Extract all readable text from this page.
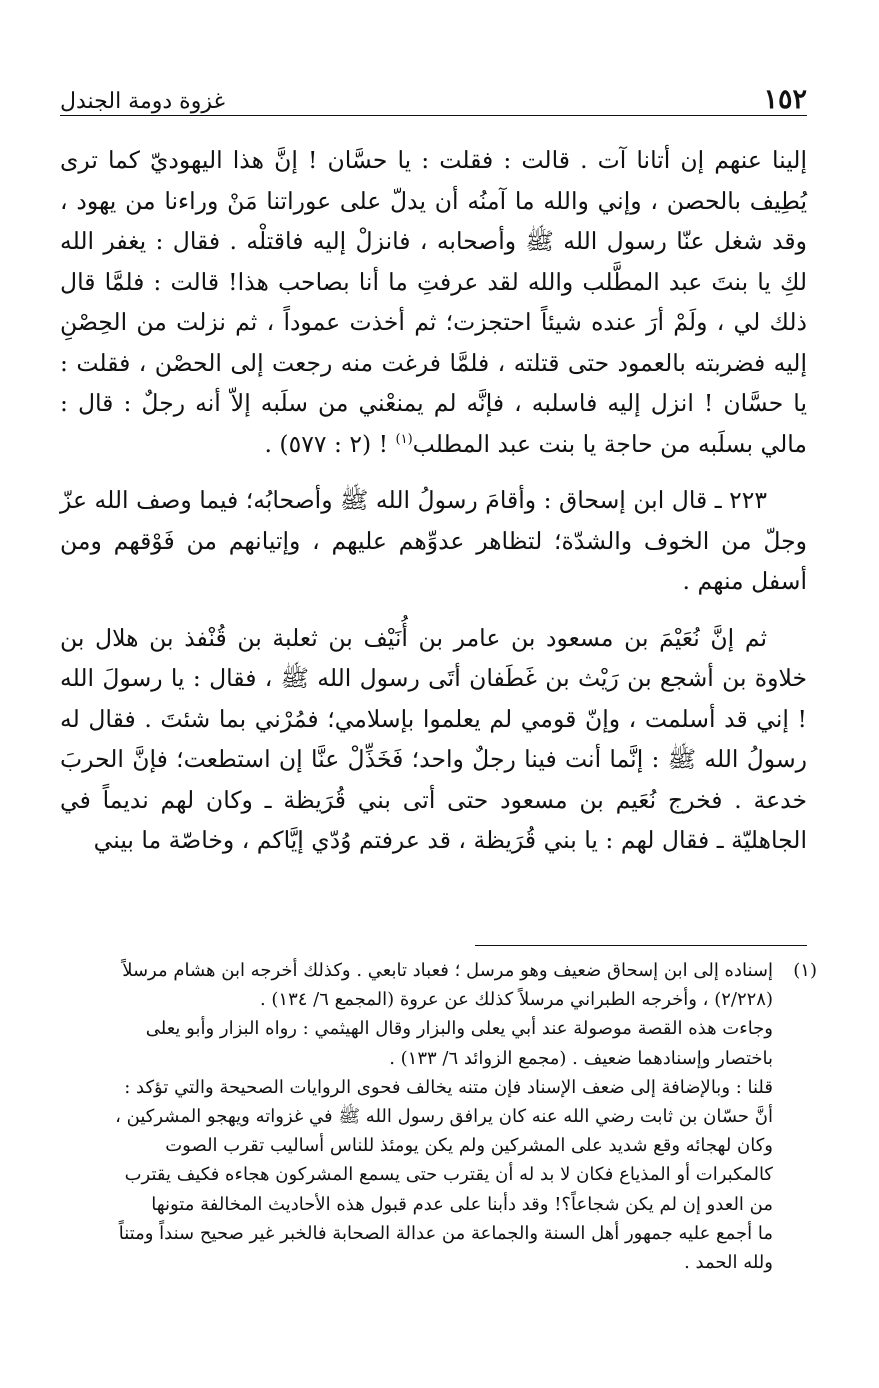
١٥٢
غزوة دومة الجندل

إلينا عنهم إن أتانا آت . قالت : فقلت : يا حسَّان ! إنَّ هذا اليهوديّ كما ترى يُطِيف بالحصن ، وإني والله ما آمنُه أن يدلّ على عوراتنا مَنْ وراءنا من يهود ، وقد شغل عنّا رسول الله ﷺ وأصحابه ، فانزلْ إليه فاقتلْه . فقال : يغفر الله لكِ يا بنتَ عبد المطَّلب والله لقد عرفتِ ما أنا بصاحب هذا! قالت : فلمَّا قال ذلك لي ، ولَمْ أرَ عنده شيئاً احتجزت؛ ثم أخذت عموداً ، ثم نزلت من الحِصْنِ إليه فضربته بالعمود حتى قتلته ، فلمَّا فرغت منه رجعت إلى الحصْن ، فقلت : يا حسَّان ! انزل إليه فاسلبه ، فإنَّه لم يمنعْني من سلَبه إلاّ أنه رجلٌ : قال : مالي بسلَبه من حاجة يا بنت عبد المطلب$^{(١)}$ ! (٢ : ٥٧٧) .

٢٢٣ ـ قال ابن إسحاق : وأقامَ رسولُ الله ﷺ وأصحابُه؛ فيما وصف الله عزّ وجلّ من الخوف والشدّة؛ لتظاهر عدوِّهم عليهم ، وإتيانهم من فَوْقهم ومن أسفل منهم .

ثم إنَّ نُعَيْمَ بن مسعود بن عامر بن أُنَيْف بن ثعلبة بن قُنْفذ بن هلال بن خلاوة بن أشجع بن رَيْث بن غَطَفان أتَى رسول الله ﷺ ، فقال : يا رسولَ الله ! إني قد أسلمت ، وإنّ قومي لم يعلموا بإسلامي؛ فمُرْني بما شئتَ . فقال له رسولُ الله ﷺ : إنَّما أنت فينا رجلٌ واحد؛ فَخَذِّلْ عنَّا إن استطعت؛ فإنَّ الحربَ خدعة . فخرج نُعَيم بن مسعود حتى أتى بني قُرَيظة ـ وكان لهم نديماً في الجاهليّة ـ فقال لهم : يا بني قُرَيظة ، قد عرفتم وُدّي إيَّاكم ، وخاصّة ما بيني

(١)

إسناده إلى ابن إسحاق ضعيف وهو مرسل ؛ فعباد تابعي . وكذلك أخرجه ابن هشام مرسلاً

(٢/٢٢٨) ، وأخرجه الطبراني مرسلاً كذلك عن عروة (المجمع ٦/ ١٣٤) .

وجاءت هذه القصة موصولة عند أبي يعلى والبزار وقال الهيثمي : رواه البزار وأبو يعلى

باختصار وإسنادهما ضعيف . (مجمع الزوائد ٦/ ١٣٣) .

قلنا : وبالإضافة إلى ضعف الإسناد فإن متنه يخالف فحوى الروايات الصحيحة والتي تؤكد :

أنَّ حسّان بن ثابت رضي الله عنه كان يرافق رسول الله ﷺ في غزواته ويهجو المشركين ،

وكان لهجائه وقع شديد على المشركين ولم يكن يومئذ للناس أساليب تقرب الصوت

كالمكبرات أو المذياع فكان لا بد له أن يقترب حتى يسمع المشركون هجاءه فكيف يقترب

من العدو إن لم يكن شجاعاً؟! وقد دأبنا على عدم قبول هذه الأحاديث المخالفة متونها

ما أجمع عليه جمهور أهل السنة والجماعة من عدالة الصحابة فالخبر غير صحيح سنداً ومتناً

ولله الحمد .
